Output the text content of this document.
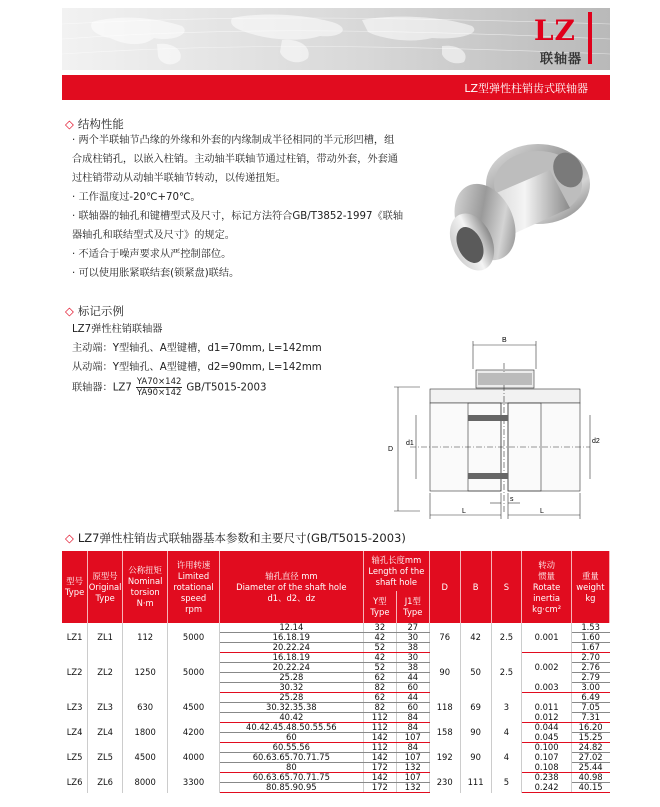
LZ
联轴器
LZ型弹性柱销齿式联轴器
◇ 结构性能

· 两个半联轴节凸缘的外缘和外套的内缘制成半径相同的半元形凹槽，组

合成柱销孔，以嵌入柱销。主动轴半联轴节通过柱销，带动外套，外套通

过柱销带动从动轴半联轴节转动，以传递扭矩。

· 工作温度过-20℃+70℃。

· 联轴器的轴孔和键槽型式及尺寸，标记方法符合GB/T3852-1997《联轴

器轴孔和联结型式及尺寸》的规定。

· 不适合于噪声要求从严控制部位。

· 可以使用胀紧联结套(锁紧盘)联结。

◇ 标记示例

LZ7弹性柱销联轴器

主动端：Y型轴孔、A型键槽，d1=70mm, L=142mm

从动端：Y型轴孔、A型键槽，d2=90mm, L=142mm

联轴器：$LZ7 \frac{YA70\times 142}{YA90\times 142} GB/T5015-2003$

B
D
d1	d2
L	L
s
◇ LZ7弹性柱销齿式联轴器基本参数和主要尺寸(GB/T5015-2003)
型号
Type	原型号
Original
Type	公称扭矩
Nominal
torsion
N·m	许用转速
Limited
rotational
speed
rpm	轴孔直径 mm
Diameter of the shaft hole
d1、d2、dz	轴孔长度mm
Length of the shaft hole		D	B	S	转动
惯量
Rotate
inertia
kg·cm²	重量
weight
kg
					Y型
Type	J1型
Type					
LZ1	ZL1	112	5000	12.14	32	27	76	42	2.5		1.53
				16.18.19	42	30				0.001	1.60
				20.22.24	52	38					1.67
LZ2	ZL2	1250	5000	16.18.19	42	30	90	50	2.5		2.70
				20.22.24	52	38				0.002	2.76
				25.28	62	44					2.79
				30.32	82	60				0.003	3.00
LZ3	ZL3	630	4500	25.28	62	44	118	69	3		6.49
				30.32.35.38	82	60				0.011	7.05
				40.42	112	84				0.012	7.31
LZ4	ZL4	1800	4200	40.42.45.48.50.55.56	112	84	158	90	4	0.044	16.20
				60	142	107				0.045	15.25
LZ5	ZL5	4500	4000	60.55.56	112	84	192	90	4	0.100	24.82
				60.63.65.70.71.75	142	107				0.107	27.02
				80	172	132				0.108	25.44
LZ6	ZL6	8000	3300	60.63.65.70.71.75	142	107	230	111	5	0.238	40.98
				80.85.90.95	172	132				0.242	40.15
